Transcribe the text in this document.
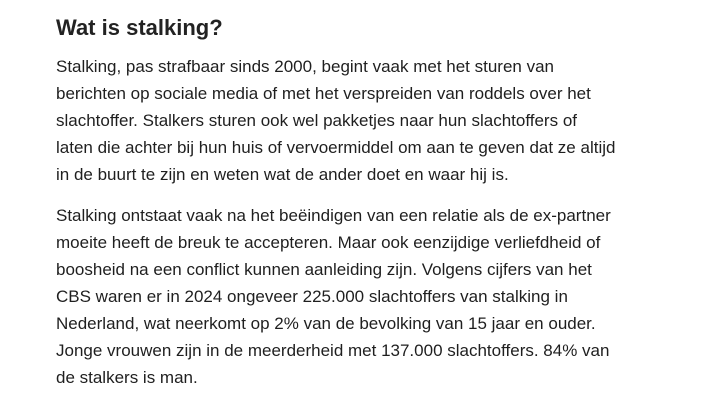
Wat is stalking?

Stalking, pas strafbaar sinds 2000, begint vaak met het sturen van
berichten op sociale media of met het verspreiden van roddels over het
slachtoffer. Stalkers sturen ook wel pakketjes naar hun slachtoffers of
laten die achter bij hun huis of vervoermiddel om aan te geven dat ze altijd
in de buurt te zijn en weten wat de ander doet en waar hij is.

Stalking ontstaat vaak na het beëindigen van een relatie als de ex-partner
moeite heeft de breuk te accepteren. Maar ook eenzijdige verliefdheid of
boosheid na een conflict kunnen aanleiding zijn. Volgens cijfers van het
CBS waren er in 2024 ongeveer 225.000 slachtoffers van stalking in
Nederland, wat neerkomt op 2% van de bevolking van 15 jaar en ouder.
Jonge vrouwen zijn in de meerderheid met 137.000 slachtoffers. 84% van
de stalkers is man.
